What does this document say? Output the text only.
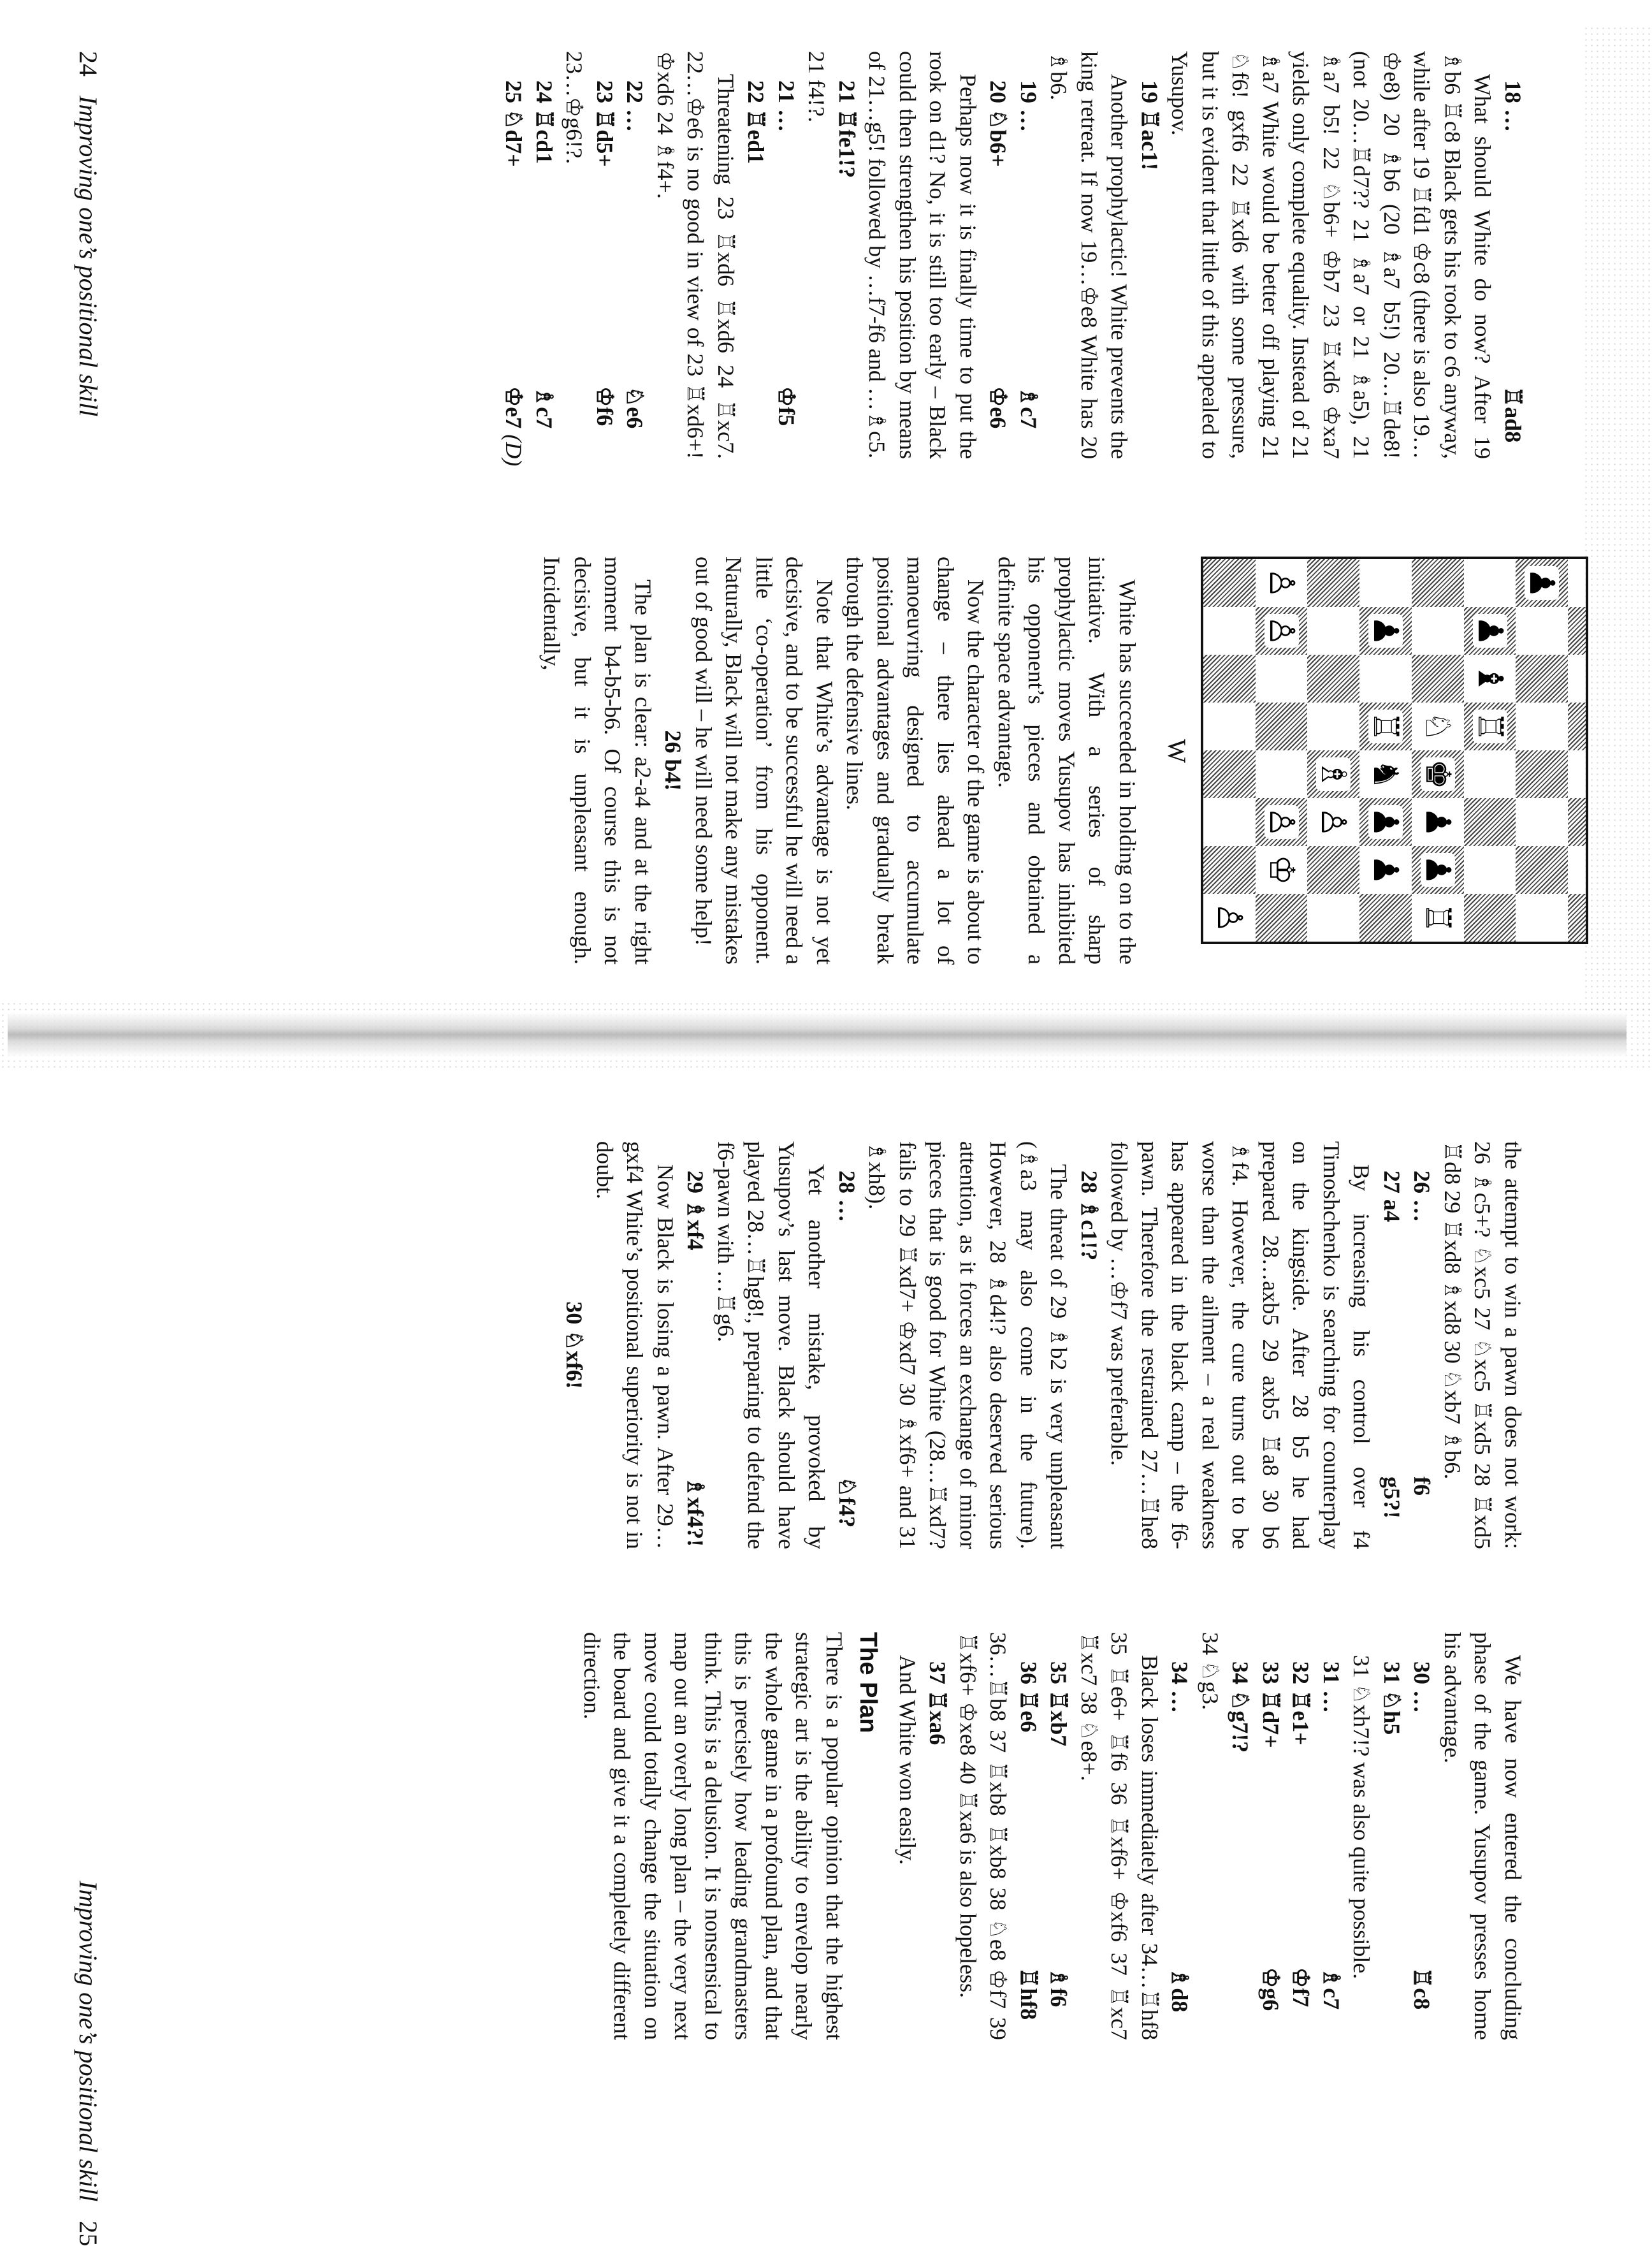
24   Improving one’s positional skill	18 …♖ad8

What should White do now? After 19 ♗b6 ♖c8 Black gets his rook to c6 anyway, while after 19 ♖fd1 ♔c8 (there is also 19…♔e8) 20 ♗b6 (20 ♗a7 b5!) 20…♖de8! (not 20…♖d7?? 21 ♗a7 or 21 ♗a5), 21 ♗a7 b5! 22 ♘b6+ ♔b7 23 ♖xd6 ♔xa7 yields only complete equality. Instead of 21 ♗a7 White would be better off playing 21 ♘f6! gxf6 22 ♖xd6 with some pressure, but it is evident that little of this appealed to Yusupov.

19 ♖ac1!

Another prophylactic! White prevents the king retreat. If now 19…♔e8 White has 20 ♗b6.

19 …♗c7
20 ♘b6+♔e6

Perhaps now it is finally time to put the rook on d1? No, it is still too early – Black could then strengthen his position by means of 21…g5! followed by …f7-f6 and …♗c5.

21 ♖fe1!?

21 f4!?.

21 …♔f5
22 ♖ed1

Threatening 23 ♖xd6 ♖xd6 24 ♖xc7. 22…♔e6 is no good in view of 23 ♖xd6+! ♔xd6 24 ♗f4+.

22 …♘e6
23 ♖d5+♔f6

23…♔g6!?.

24 ♖cd1♗c7
25 ♘d7+♔e7 (D)
♟
♟
♝
♖
♘
♚
♟
♟
♖
♟
♖
♞
♟
♟
♗
♙
♙
♙
♙
♔
♙
W

White has succeeded in holding on to the initiative. With a series of sharp prophylactic moves Yusupov has inhibited his opponent’s pieces and obtained a definite space advantage.

Now the character of the game is about to change – there lies ahead a lot of manoeuvring designed to accumulate positional advantages and gradually break through the defensive lines.

Note that White’s advantage is not yet decisive, and to be successful he will need a little ‘co-operation’ from his opponent. Naturally, Black will not make any mistakes out of good will – he will need some help!

26 b4!

The plan is clear: a2-a4 and at the right moment b4-b5-b6. Of course this is not decisive, but it is unpleasant enough. Incidentally,

Improving one’s positional skill   25

the attempt to win a pawn does not work: 26 ♗c5+? ♘xc5 27 ♘xc5 ♖xd5 28 ♖xd5 ♖d8 29 ♖xd8 ♗xd8 30 ♘xb7 ♗b6.

26 …f6
27 a4g5?!

By increasing his control over f4 Timoshchenko is searching for counterplay on the kingside. After 28 b5 he had prepared 28…axb5 29 axb5 ♖a8 30 b6 ♗f4. However, the cure turns out to be worse than the ailment – a real weakness has appeared in the black camp – the f6-pawn. Therefore the restrained 27…♖he8 followed by …♔f7 was preferable.

28 ♗c1!?

The threat of 29 ♗b2 is very unpleasant (♗a3 may also come in the future). However, 28 ♗d4!? also deserved serious attention, as it forces an exchange of minor pieces that is good for White (28…♖xd7? fails to 29 ♖xd7+ ♔xd7 30 ♗xf6+ and 31 ♗xh8).

28 …♘f4?

Yet another mistake, provoked by Yusupov’s last move. Black should have played 28…♖hg8!, preparing to defend the f6-pawn with …♖g6.

29 ♗xf4♗xf4?!

Now Black is losing a pawn. After 29…gxf4 White’s positional superiority is not in doubt.

30 ♘xf6!

We have now entered the concluding phase of the game. Yusupov presses home his advantage.

30 …♖c8
31 ♘h5

31 ♘xh7!? was also quite possible.

31 …♗c7
32 ♖e1+♔f7
33 ♖d7+♔g6
34 ♘g7!?

34 ♘g3.

34 …♗d8

Black loses immediately after 34…♖hf8 35 ♖e6+ ♖f6 36 ♖xf6+ ♔xf6 37 ♖xc7 ♖xc7 38 ♘e8+.

35 ♖xb7♗f6
36 ♖e6♖hf8

36…♖b8 37 ♖xb8 ♖xb8 38 ♘e8 ♔f7 39 ♖xf6+ ♔xe8 40 ♖xa6 is also hopeless.

37 ♖xa6

And White won easily.

The Plan

There is a popular opinion that the highest strategic art is the ability to envelop nearly the whole game in a profound plan, and that this is precisely how leading grandmasters think. This is a delusion. It is nonsensical to map out an overly long plan – the very next move could totally change the situation on the board and give it a completely different direction.
